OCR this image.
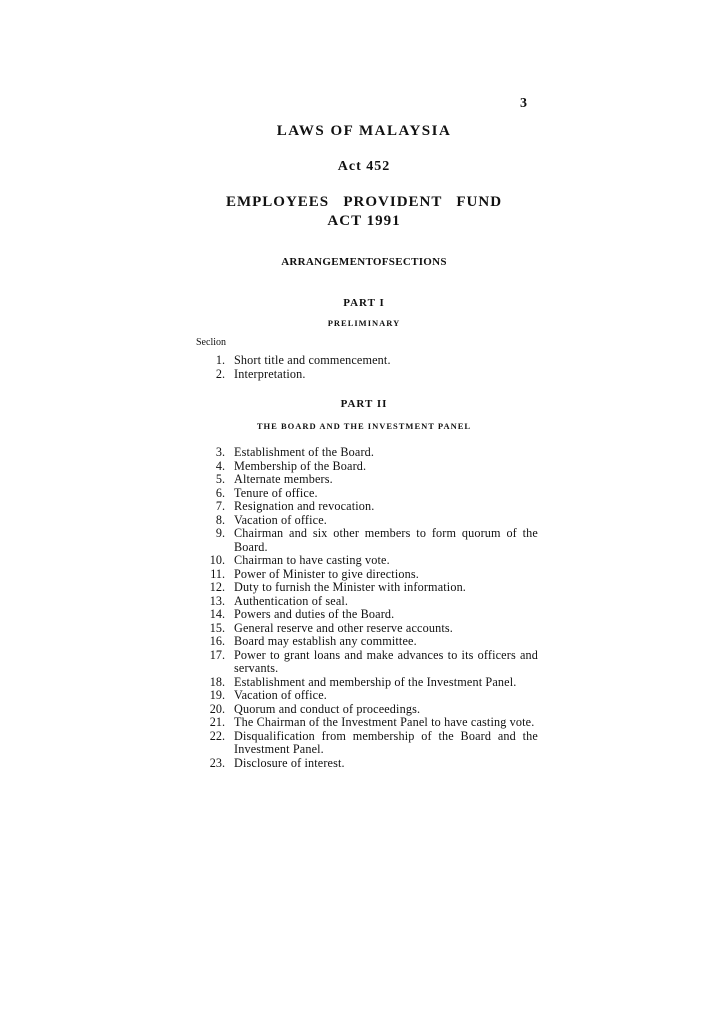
3
LAWS OF MALAYSIA
Act 452
EMPLOYEES   PROVIDENT   FUND
ACT 1991
ARRANGEMENTOFSECTIONS
PART I
PRELIMINARY
Seclion
1. Short title and commencement.
2. Interpretation.
PART II
THE BOARD AND THE INVESTMENT PANEL
3. Establishment of the Board.
4. Membership of the Board.
5. Alternate members.
6. Tenure of office.
7. Resignation and revocation.
8. Vacation of office.
9. Chairman and six other members to form quorum of the Board.
10. Chairman to have casting vote.
11. Power of Minister to give directions.
12. Duty to furnish the Minister with information.
13. Authentication of seal.
14. Powers and duties of the Board.
15. General reserve and other reserve accounts.
16. Board may establish any committee.
17. Power to grant loans and make advances to its officers and servants.
18. Establishment and membership of the Investment Panel.
19. Vacation of office.
20. Quorum and conduct of proceedings.
21. The Chairman of the Investment Panel to have casting vote.
22. Disqualification from membership of the Board and the Investment Panel.
23. Disclosure of interest.
